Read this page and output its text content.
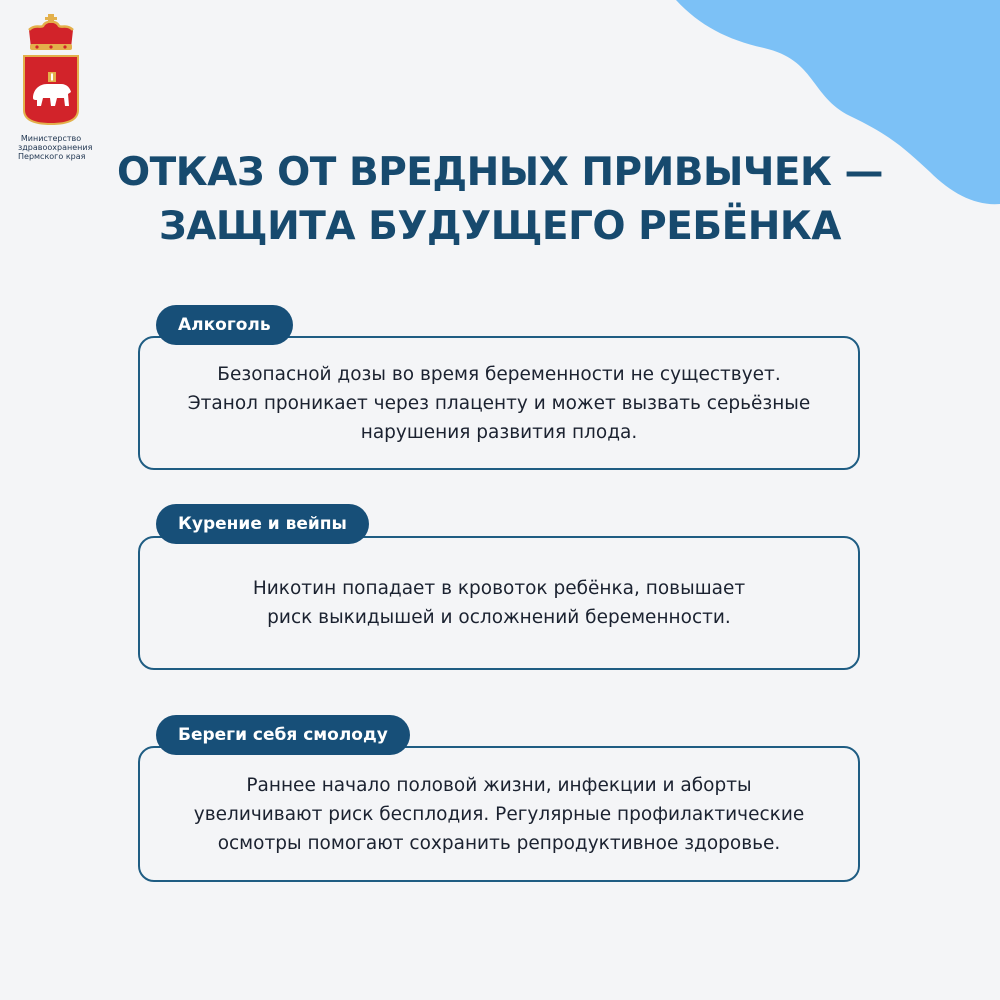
Министерство
здравоохранения
Пермского края ОТКАЗ ОТ ВРЕДНЫХ ПРИВЫЧЕК —
ЗАЩИТА БУДУЩЕГО РЕБЁНКА

Безопасной дозы во время беременности не существует.
Этанол проникает через плаценту и может вызвать серьёзные
нарушения развития плода.

Алкоголь

Никотин попадает в кровоток ребёнка, повышает
риск выкидышей и осложнений беременности.

Курение и вейпы

Раннее начало половой жизни, инфекции и аборты
увеличивают риск бесплодия. Регулярные профилактические
осмотры помогают сохранить репродуктивное здоровье.

Береги себя смолоду
